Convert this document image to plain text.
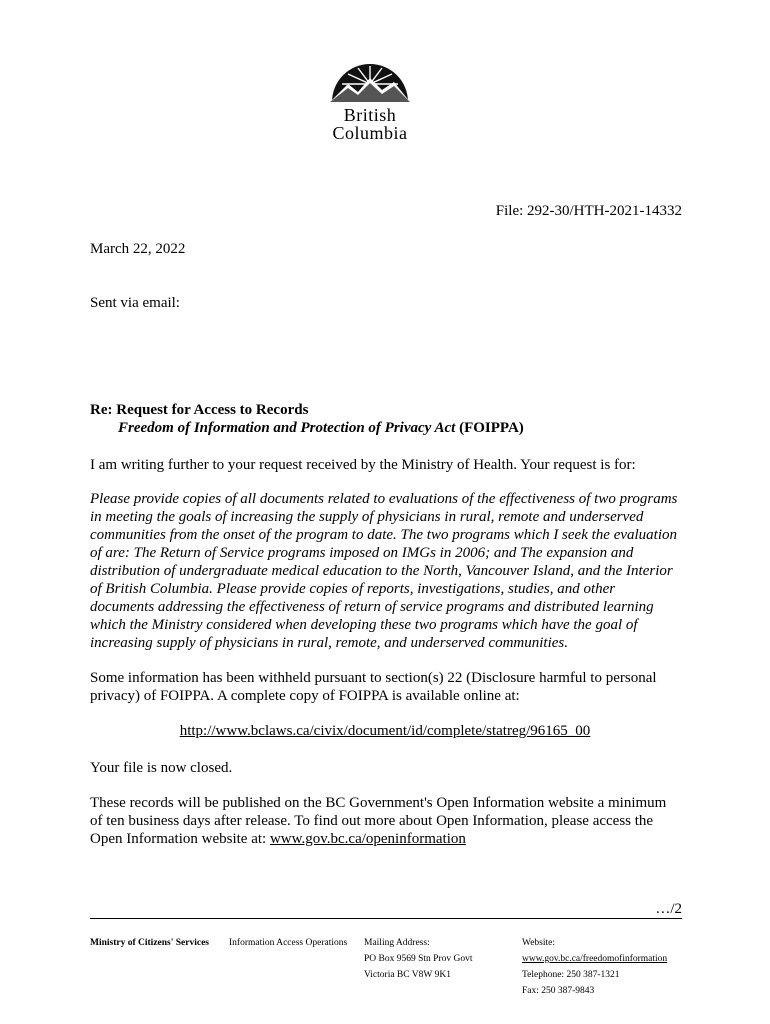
British
Columbia
File: 292-30/HTH-2021-14332
March 22, 2022
Sent via email:
Re: Request for Access to Records
Freedom of Information and Protection of Privacy Act (FOIPPA)
I am writing further to your request received by the Ministry of Health. Your request is for:
Please provide copies of all documents related to evaluations of the effectiveness of two programs in meeting the goals of increasing the supply of physicians in rural, remote and underserved communities from the onset of the program to date. The two programs which I seek the evaluation of are: The Return of Service programs imposed on IMGs in 2006; and The expansion and distribution of undergraduate medical education to the North, Vancouver Island, and the Interior of British Columbia. Please provide copies of reports, investigations, studies, and other documents addressing the effectiveness of return of service programs and distributed learning which the Ministry considered when developing these two programs which have the goal of increasing supply of physicians in rural, remote, and underserved communities.
Some information has been withheld pursuant to section(s) 22 (Disclosure harmful to personal privacy) of FOIPPA. A complete copy of FOIPPA is available online at:
http://www.bclaws.ca/civix/document/id/complete/statreg/96165_00
Your file is now closed.
These records will be published on the BC Government's Open Information website a minimum of ten business days after release. To find out more about Open Information, please access the Open Information website at: www.gov.bc.ca/openinformation
…/2
Ministry of Citizens' Services Information Access Operations Mailing Address:
PO Box 9569 Stn Prov Govt
Victoria BC V8W 9K1
Website:
www.gov.bc.ca/freedomofinformation
Telephone: 250 387-1321
Fax: 250 387-9843
